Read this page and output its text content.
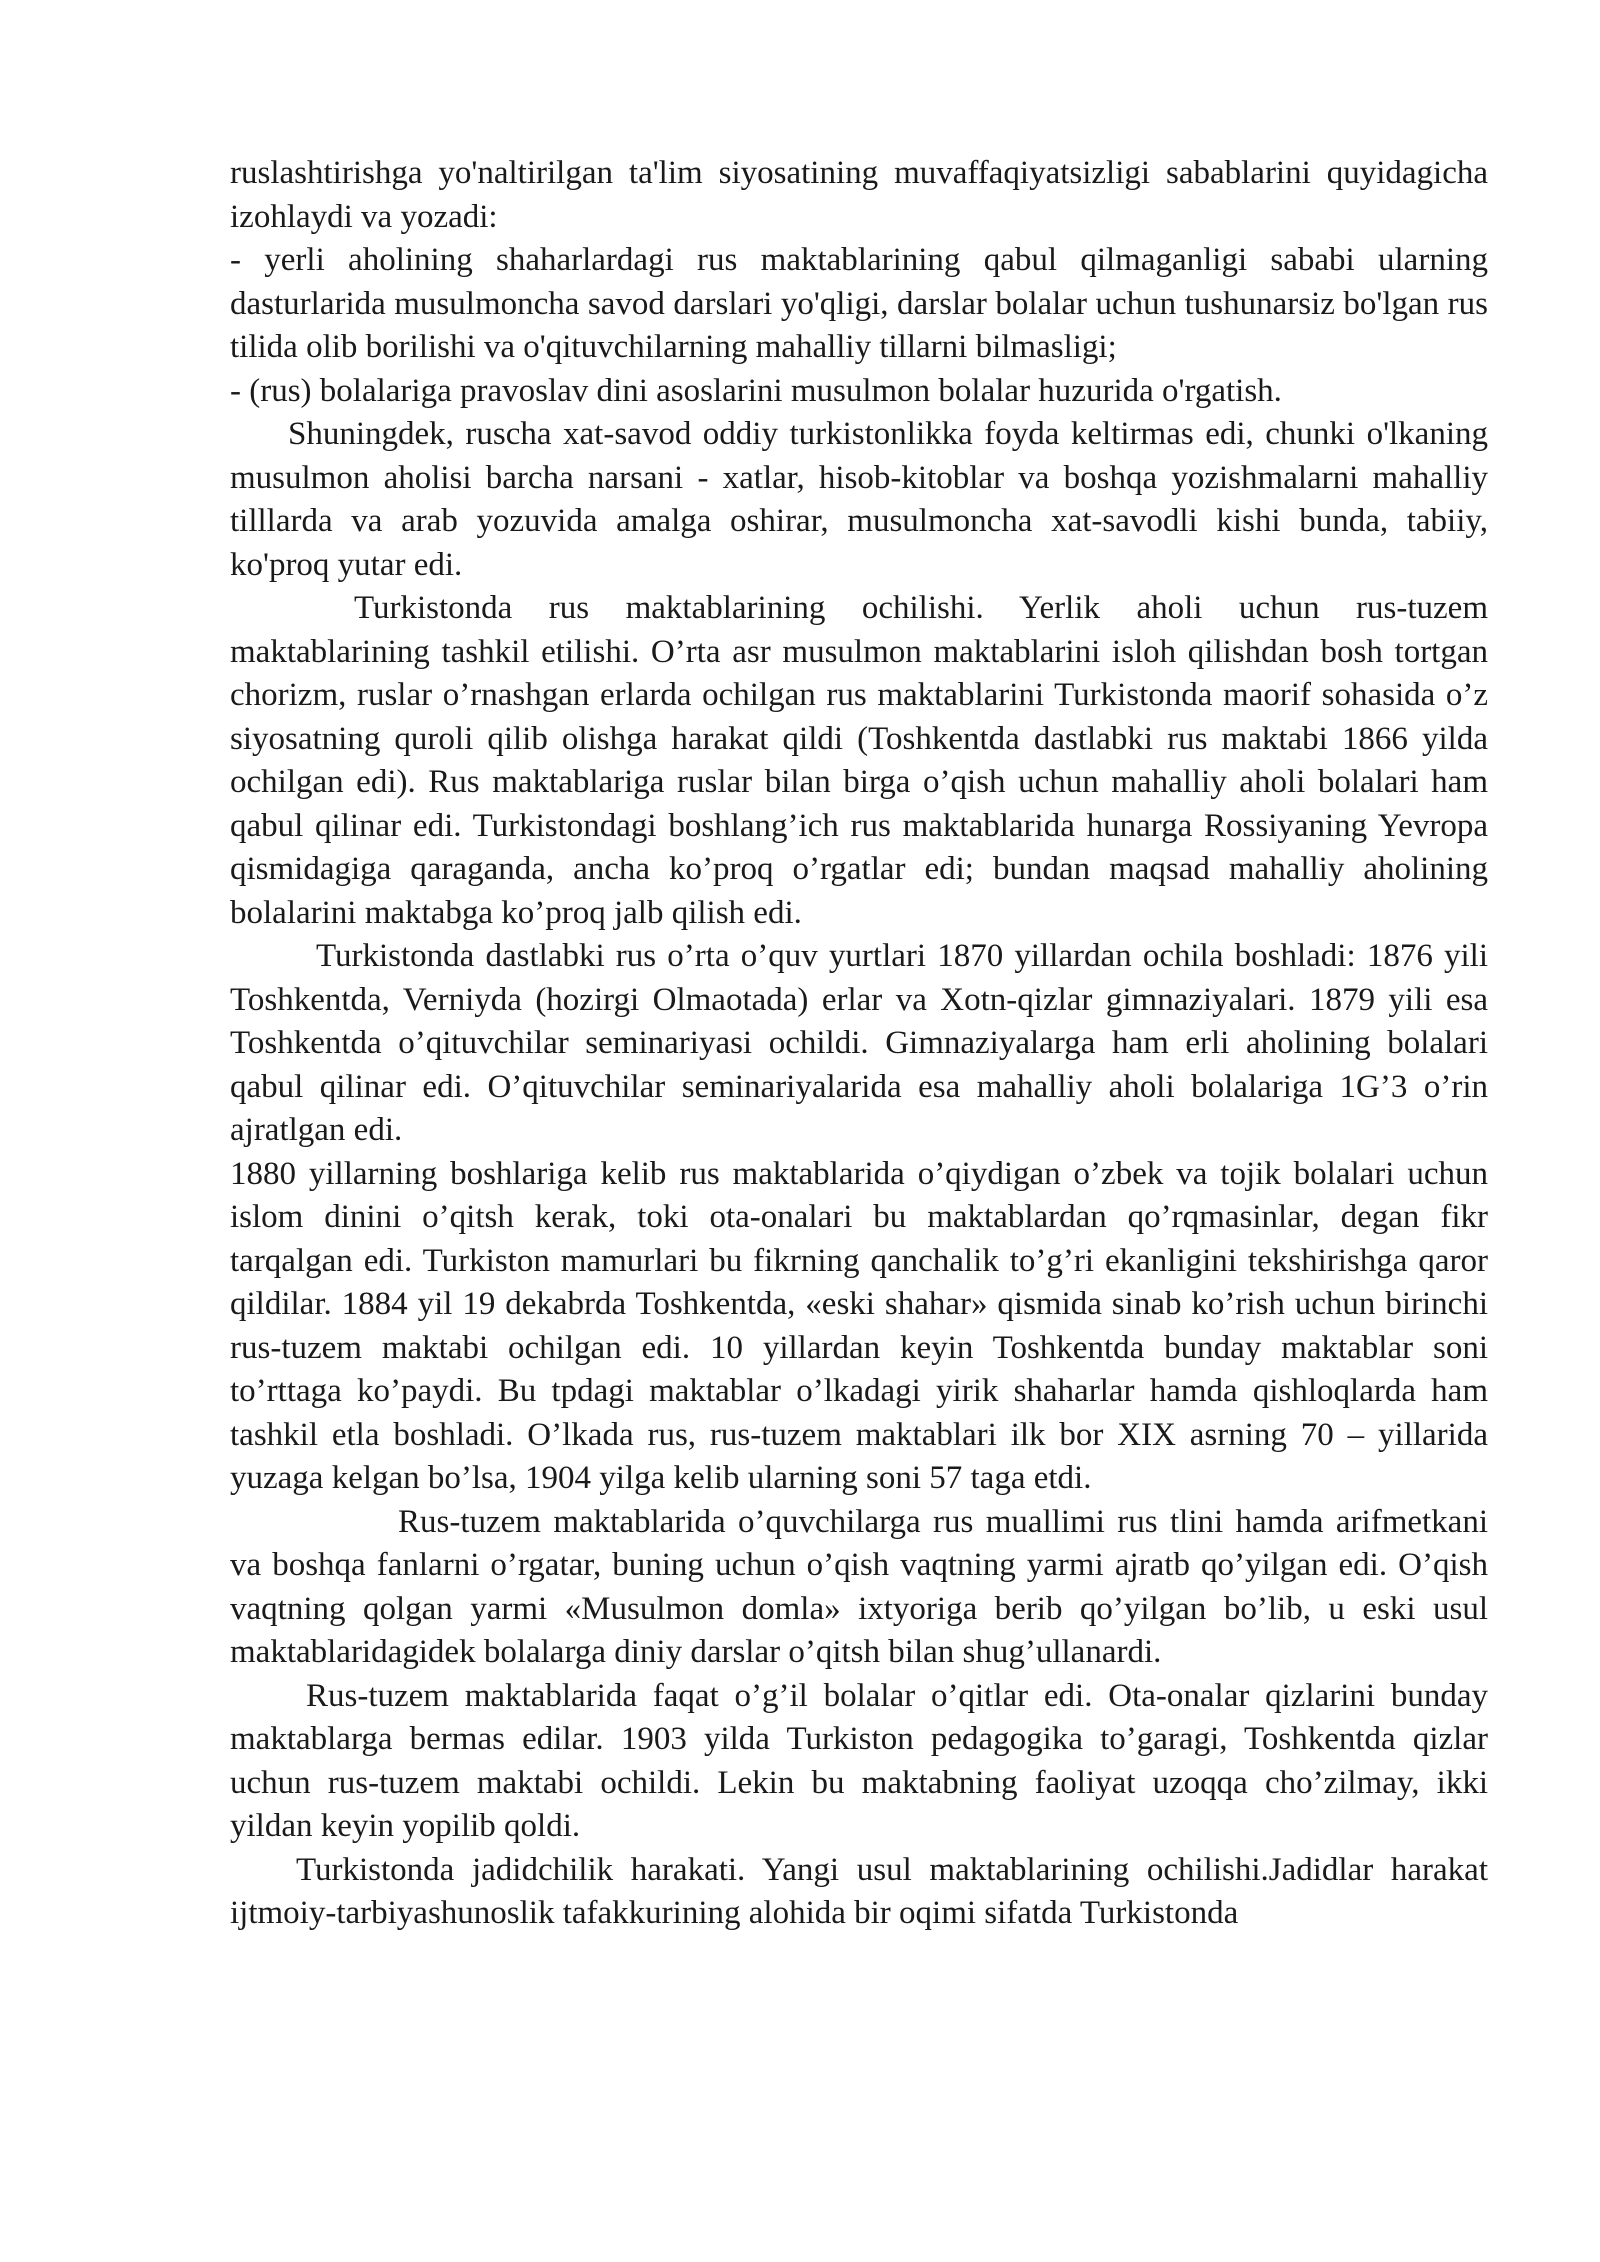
ruslashtirishga yo'naltirilgan ta'lim siyosatining muvaffaqiyatsizligi sabablarini quyidagicha izohlaydi va yozadi:

- yerli aholining shaharlardagi rus maktablarining qabul qilmaganligi sababi ularning dasturlarida musulmoncha savod darslari yo'qligi, darslar bolalar uchun tushunarsiz bo'lgan rus tilida olib borilishi va o'qituvchilarning mahalliy tillarni bilmasligi;

- (rus) bolalariga pravoslav dini asoslarini musulmon bolalar huzurida o'rgatish.

Shuningdek, ruscha xat-savod oddiy turkistonlikka foyda keltirmas edi, chunki o'lkaning musulmon aholisi barcha narsani - xatlar, hisob-kitoblar va boshqa yozishmalarni mahalliy tilllarda va arab yozuvida amalga oshirar, musulmoncha xat-savodli kishi bunda, tabiiy, ko'proq yutar edi.

Turkistonda rus maktablarining ochilishi. Yerlik aholi uchun rus-tuzem maktablarining tashkil etilishi. O’rta asr musulmon maktablarini isloh qilishdan bosh tortgan chorizm, ruslar o’rnashgan erlarda ochilgan rus maktablarini Turkistonda maorif sohasida o’z siyosatning quroli qilib olishga harakat qildi (Toshkentda dastlabki rus maktabi 1866 yilda ochilgan edi). Rus maktablariga ruslar bilan birga o’qish uchun mahalliy aholi bolalari ham qabul qilinar edi. Turkistondagi boshlang’ich rus maktablarida hunarga Rossiyaning Yevropa qismidagiga qaraganda, ancha ko’proq o’rgatlar edi; bundan maqsad mahalliy aholining bolalarini maktabga ko’proq jalb qilish edi.

Turkistonda dastlabki rus o’rta o’quv yurtlari 1870 yillardan ochila boshladi: 1876 yili Toshkentda, Verniyda (hozirgi Olmaotada) erlar va Xotn-qizlar gimnaziyalari. 1879 yili esa Toshkentda o’qituvchilar seminariyasi ochildi. Gimnaziyalarga ham erli aholining bolalari qabul qilinar edi. O’qituvchilar seminariyalarida esa mahalliy aholi bolalariga 1G’3 o’rin ajratlgan edi.

1880 yillarning boshlariga kelib rus maktablarida o’qiydigan o’zbek va tojik bolalari uchun islom dinini o’qitsh kerak, toki ota-onalari bu maktablardan qo’rqmasinlar, degan fikr tarqalgan edi. Turkiston mamurlari bu fikrning qanchalik to’g’ri ekanligini tekshirishga qaror qildilar. 1884 yil 19 dekabrda Toshkentda, «eski shahar» qismida sinab ko’rish uchun birinchi rus-tuzem maktabi ochilgan edi. 10 yillardan keyin Toshkentda bunday maktablar soni to’rttaga ko’paydi. Bu tpdagi maktablar o’lkadagi yirik shaharlar hamda qishloqlarda ham tashkil etla boshladi. O’lkada rus, rus-tuzem maktablari ilk bor XIX asrning 70 – yillarida yuzaga kelgan bo’lsa, 1904 yilga kelib ularning soni 57 taga etdi.

Rus-tuzem maktablarida o’quvchilarga rus muallimi rus tlini hamda arifmetkani va boshqa fanlarni o’rgatar, buning uchun o’qish vaqtning yarmi ajratb qo’yilgan edi. O’qish vaqtning qolgan yarmi «Musulmon domla» ixtyoriga berib qo’yilgan bo’lib, u eski usul maktablaridagidek bolalarga diniy darslar o’qitsh bilan shug’ullanardi.

Rus-tuzem maktablarida faqat o’g’il bolalar o’qitlar edi. Ota-onalar qizlarini bunday maktablarga bermas edilar. 1903 yilda Turkiston pedagogika to’garagi, Toshkentda qizlar uchun rus-tuzem maktabi ochildi. Lekin bu maktabning faoliyat uzoqqa cho’zilmay, ikki yildan keyin yopilib qoldi.

Turkistonda jadidchilik harakati. Yangi usul maktablarining ochilishi.Jadidlar harakat ijtmoiy-tarbiyashunoslik tafakkurining alohida bir oqimi sifatda Turkistonda
